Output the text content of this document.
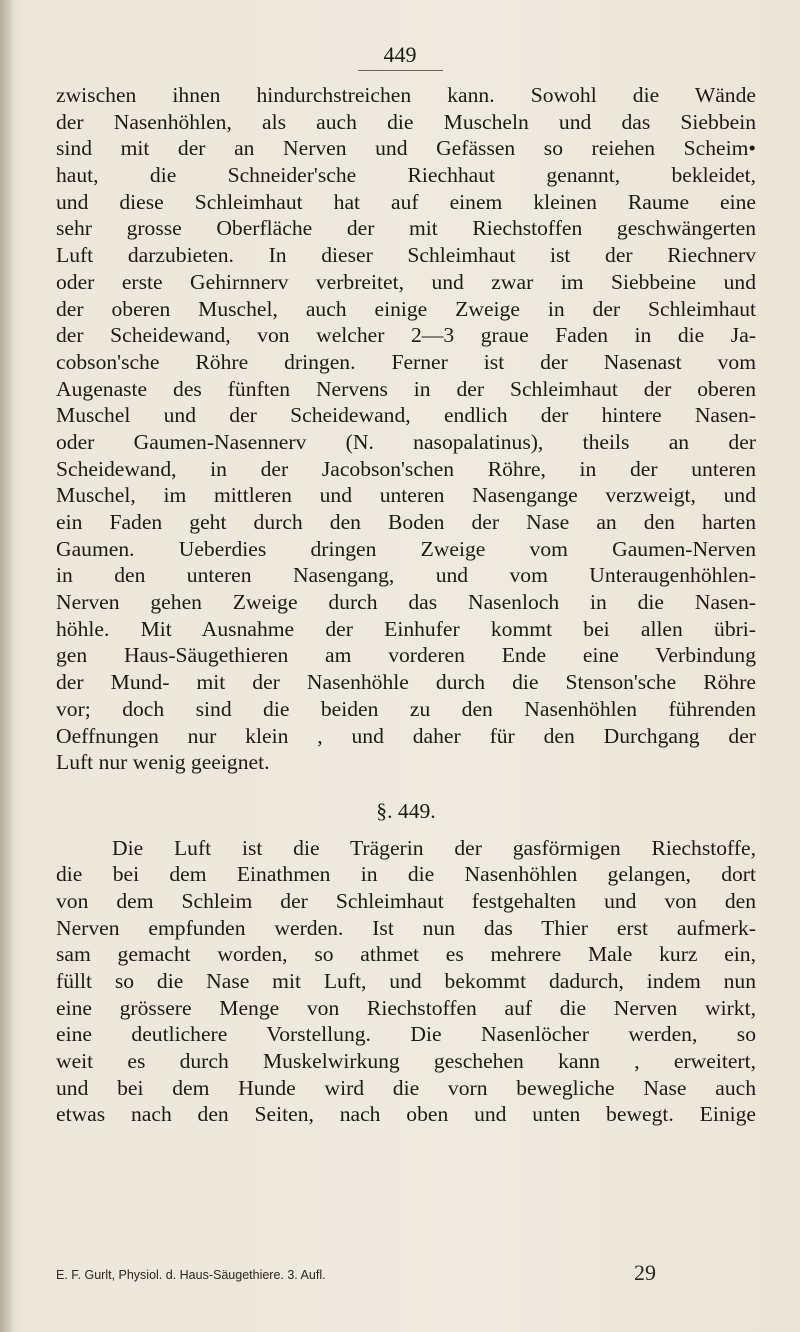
449
zwischen ihnen hindurchstreichen kann. Sowohl die Wände
der Nasenhöhlen, als auch die Muscheln und das Siebbein
sind mit der an Nerven und Gefässen so reiehen Scheim•
haut, die Schneider'sche Riechhaut genannt, bekleidet,
und diese Schleimhaut hat auf einem kleinen Raume eine
sehr grosse Oberfläche der mit Riechstoffen geschwängerten
Luft darzubieten. In dieser Schleimhaut ist der Riechnerv
oder erste Gehirnnerv verbreitet, und zwar im Siebbeine und
der oberen Muschel, auch einige Zweige in der Schleimhaut
der Scheidewand, von welcher 2—3 graue Faden in die Ja-
cobson'sche Röhre dringen. Ferner ist der Nasenast vom
Augenaste des fünften Nervens in der Schleimhaut der oberen
Muschel und der Scheidewand, endlich der hintere Nasen-
oder Gaumen-Nasennerv (N. nasopalatinus), theils an der
Scheidewand, in der Jacobson'schen Röhre, in der unteren
Muschel, im mittleren und unteren Nasengange verzweigt, und
ein Faden geht durch den Boden der Nase an den harten
Gaumen. Ueberdies dringen Zweige vom Gaumen-Nerven
in den unteren Nasengang, und vom Unteraugenhöhlen-
Nerven gehen Zweige durch das Nasenloch in die Nasen-
höhle. Mit Ausnahme der Einhufer kommt bei allen übri-
gen Haus-Säugethieren am vorderen Ende eine Verbindung
der Mund- mit der Nasenhöhle durch die Stenson'sche Röhre
vor; doch sind die beiden zu den Nasenhöhlen führenden
Oeffnungen nur klein , und daher für den Durchgang der
Luft nur wenig geeignet.
§. 449.
Die Luft ist die Trägerin der gasförmigen Riechstoffe,
die bei dem Einathmen in die Nasenhöhlen gelangen, dort
von dem Schleim der Schleimhaut festgehalten und von den
Nerven empfunden werden. Ist nun das Thier erst aufmerk-
sam gemacht worden, so athmet es mehrere Male kurz ein,
füllt so die Nase mit Luft, und bekommt dadurch, indem nun
eine grössere Menge von Riechstoffen auf die Nerven wirkt,
eine deutlichere Vorstellung. Die Nasenlöcher werden, so
weit es durch Muskelwirkung geschehen kann , erweitert,
und bei dem Hunde wird die vorn bewegliche Nase auch
etwas nach den Seiten, nach oben und unten bewegt. Einige
E. F. Gurlt, Physiol. d. Haus-Säugethiere. 3. Aufl.	29
